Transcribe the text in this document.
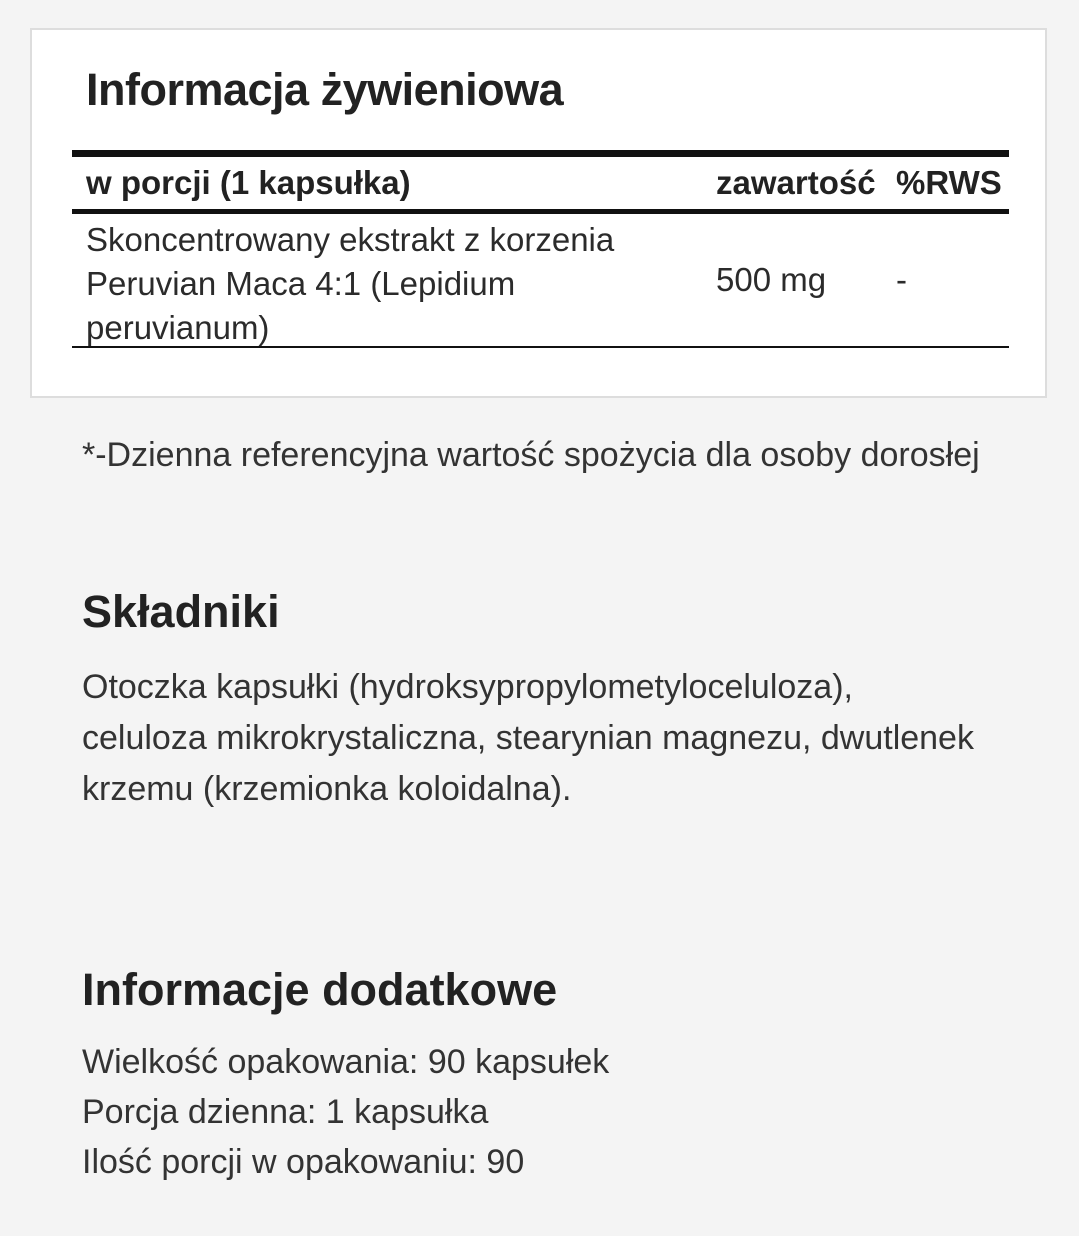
Informacja żywieniowa
w porcji (1 kapsułka)	zawartość %RWS
Skoncentrowany ekstrakt z korzenia Peruvian Maca 4:1 (Lepidium peruvianum)
500 mg -
*-Dzienna referencyjna wartość spożycia dla osoby dorosłej
Składniki
Otoczka kapsułki (hydroksypropylometyloceluloza), celuloza mikrokrystaliczna, stearynian magnezu, dwutlenek krzemu (krzemionka koloidalna).
Informacje dodatkowe
Wielkość opakowania: 90 kapsułek
Porcja dzienna: 1 kapsułka
Ilość porcji w opakowaniu: 90
